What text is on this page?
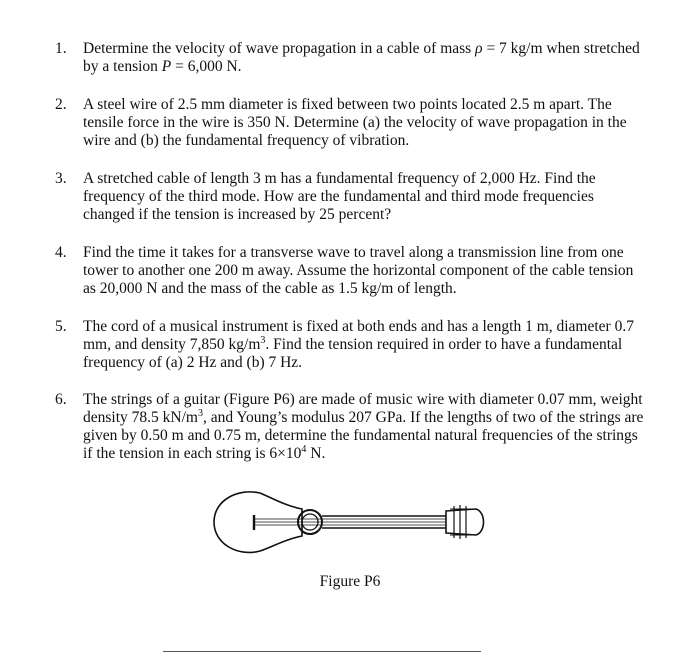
1.	Determine the velocity of wave propagation in a cable of mass ρ = 7 kg/m when stretched by a tension P = 6,000 N.
2.	A steel wire of 2.5 mm diameter is fixed between two points located 2.5 m apart. The tensile force in the wire is 350 N. Determine (a) the velocity of wave propagation in the wire and (b) the fundamental frequency of vibration.
3.	A stretched cable of length 3 m has a fundamental frequency of 2,000 Hz. Find the frequency of the third mode. How are the fundamental and third mode frequencies changed if the tension is increased by 25 percent?
4.	Find the time it takes for a transverse wave to travel along a transmission line from one tower to another one 200 m away. Assume the horizontal component of the cable tension as 20,000 N and the mass of the cable as 1.5 kg/m of length.
5.	The cord of a musical instrument is fixed at both ends and has a length 1 m, diameter 0.7 mm, and density 7,850 $kg/m^3$. Find the tension required in order to have a fundamental frequency of (a) 2 Hz and (b) 7 Hz.
6.	The strings of a guitar (Figure P6) are made of music wire with diameter 0.07 mm, weight density 78.5 $kN/m^3$, and Young’s modulus 207 GPa. If the lengths of two of the strings are given by 0.50 m and 0.75 m, determine the fundamental natural frequencies of the strings if the tension in each string is $6\times 10^4$ N.
Figure P6
